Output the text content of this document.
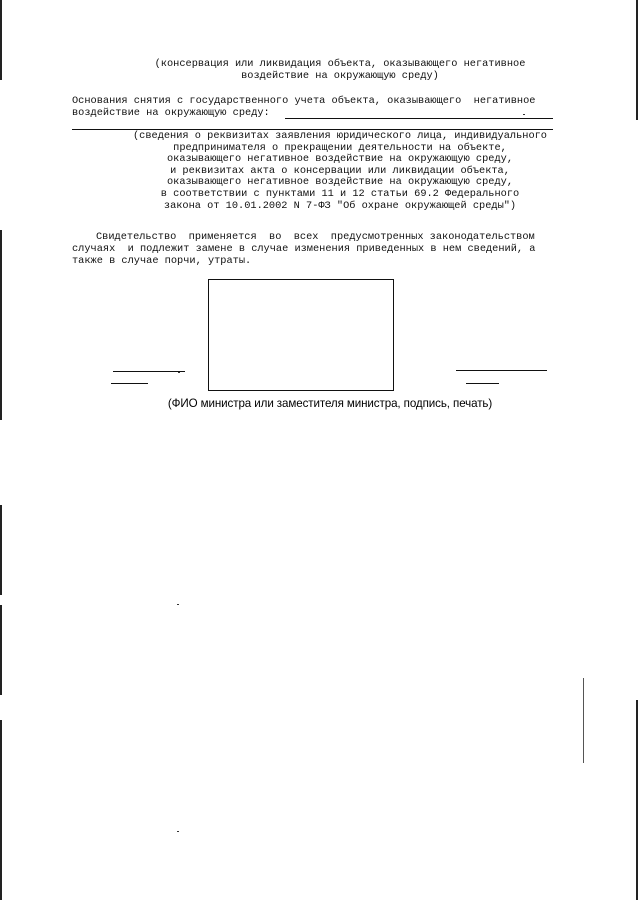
(консервация или ликвидация объекта, оказывающего негативное
воздействие на окружающую среду)
Основания снятия с государственного учета объекта, оказывающего  негативное
воздействие на окружающую среду:
(сведения о реквизитах заявления юридического лица, индивидуального
предпринимателя о прекращении деятельности на объекте,
оказывающего негативное воздействие на окружающую среду,
и реквизитах акта о консервации или ликвидации объекта,
оказывающего негативное воздействие на окружающую среду,
в соответствии с пунктами 11 и 12 статьи 69.2 Федерального
закона от 10.01.2002 N 7-ФЗ "Об охране окружающей среды")
Свидетельство  применяется  во  всех  предусмотренных законодательством
случаях  и подлежит замене в случае изменения приведенных в нем сведений, а
также в случае порчи, утраты.
(ФИО министра или заместителя министра, подпись, печать)
